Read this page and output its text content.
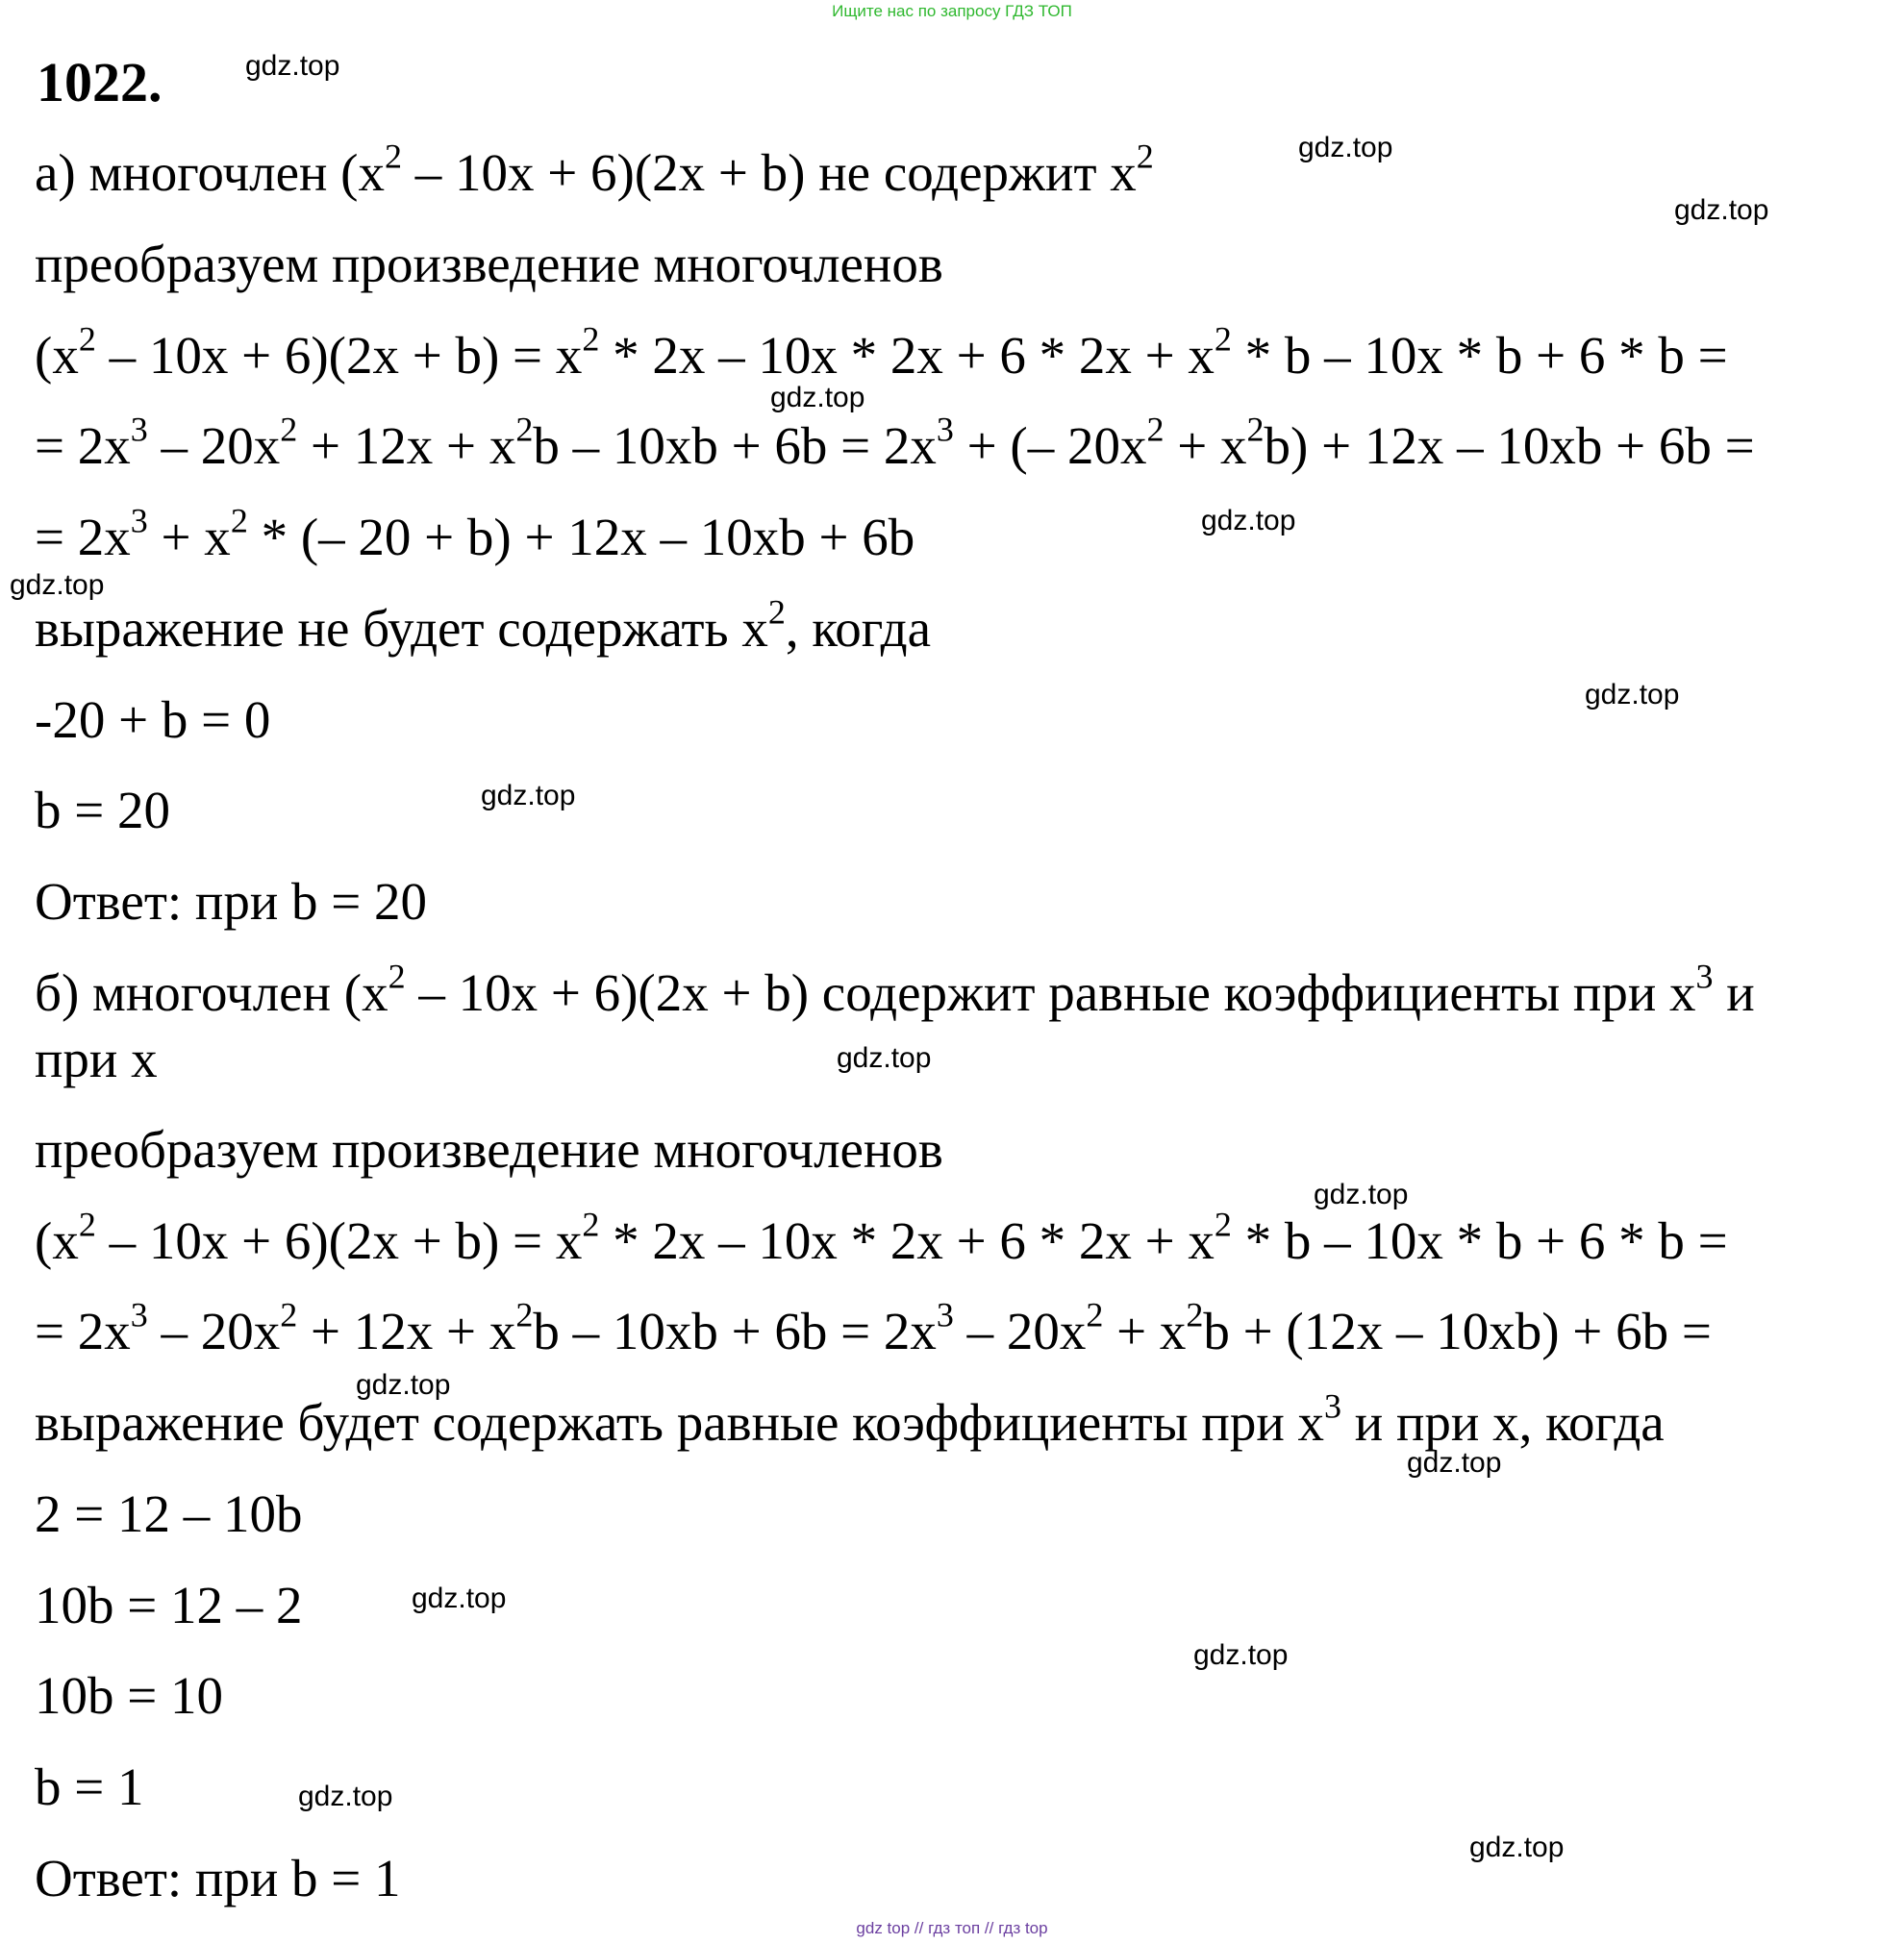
Ищите нас по запросу ГДЗ ТОП
1022.
а) многочлен $(x^2 - 10x + 6)(2x + b)$ не содержит $x^2$
преобразуем произведение многочленов
$(x^2 - 10x + 6)(2x + b) = x^2 * 2x - 10x * 2x + 6 * 2x + x^2 * b - 10x * b + 6 * b$ =
= $2x^3 - 20x^2 + 12x + x^2b - 10xb + 6b = 2x^3$ + (– $20x^2 + x^2b) + 12x - 10xb + 6b$ =
= $2x^3 + x^2$ * (– 20 + b) + 12x – 10xb + 6b
выражение не будет содержать $x^2$, когда
-20 + b = 0
b = 20
Ответ: при b = 20
б) многочлен $(x^2 - 10x + 6)(2x + b)$ содержит равные коэффициенты при $x^3$ и
при x
преобразуем произведение многочленов
$(x^2 - 10x + 6)(2x + b) = x^2 * 2x - 10x * 2x + 6 * 2x + x^2 * b - 10x * b + 6 * b$ =
= $2x^3 - 20x^2 + 12x + x^2b - 10xb + 6b = 2x^3 - 20x^2 + x^2b + (12x - 10xb) + 6b$ =
выражение будет содержать равные коэффициенты при $x^3$ и при x, когда
2 = 12 – 10b
10b = 12 – 2
10b = 10
b = 1
Ответ: при b = 1
gdz.top
gdz.top
gdz.top
gdz.top
gdz.top
gdz.top
gdz.top
gdz.top
gdz.top
gdz.top
gdz.top
gdz.top
gdz.top
gdz.top
gdz.top
gdz.top
gdz top // гдз топ // гдз top
